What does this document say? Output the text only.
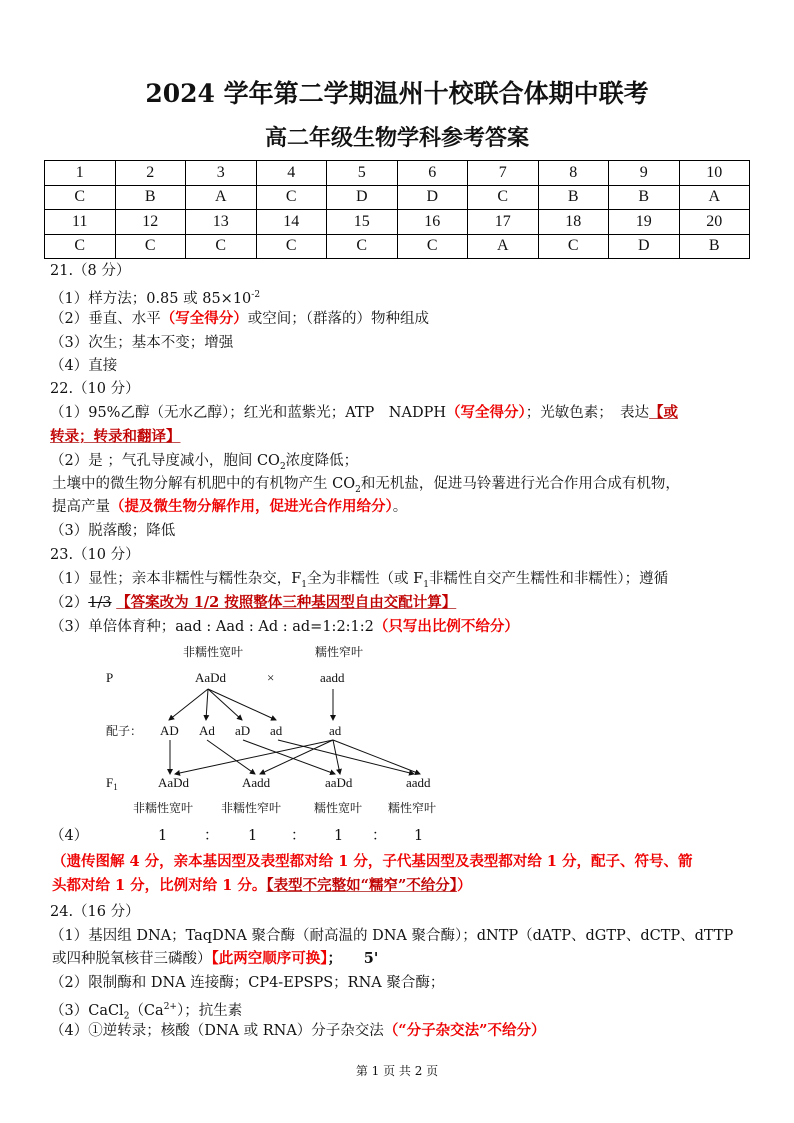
2024 学年第二学期温州十校联合体期中联考
高二年级生物学科参考答案
1	2	3	4	5	6	7	8	9	10
C	B	A	C	D	D	C	B	B	A
11	12	13	14	15	16	17	18	19	20
C	C	C	C	C	C	A	C	D	B
21.（8 分）
（1）样方法；0.85 或 $85\times 10^{-2}$
（2）垂直、水平（写全得分）或空间；（群落的）物种组成
（3）次生；基本不变；增强
（4）直接
22.（10 分）
（1）95%乙醇（无水乙醇）；红光和蓝紫光；ATP　NADPH（写全得分）；光敏色素；　表达【或
转录；转录和翻译】
（2）是 ；气孔导度减小，胞间 $CO_2$浓度降低；
土壤中的微生物分解有机肥中的有机物产生 $CO_2$和无机盐，促进马铃薯进行光合作用合成有机物，
提高产量（提及微生物分解作用，促进光合作用给分）。
（3）脱落酸；降低
23.（10 分）
（1）显性；亲本非糯性与糯性杂交，$F_1$全为非糯性（或 $F_1$非糯性自交产生糯性和非糯性）；遵循
（2）1/3 【答案改为 1/2 按照整体三种基因型自由交配计算】
（3）单倍体育种；aad : Aad : Ad : ad=1:2:1:2（只写出比例不给分）
非糯性宽叶	糯性窄叶
P	AaDd	×	aadd
配子： AD Ad aD ad	ad
$F_1$	AaDd	Aadd	aaDd	aadd
非糯性宽叶 非糯性窄叶	糯性宽叶 糯性窄叶
（4）	1	： 1 ： 1 ： 1
（遗传图解 4 分，亲本基因型及表型都对给 1 分，子代基因型及表型都对给 1 分，配子、符号、箭
头都对给 1 分，比例对给 1 分。【表型不完整如“糯窄”不给分】）
24.（16 分）
（1）基因组 DNA；TaqDNA 聚合酶（耐高温的 DNA 聚合酶）；dNTP（dATP、dGTP、dCTP、dTTP
或四种脱氧核苷三磷酸）【此两空顺序可换】；　　5'
（2）限制酶和 DNA 连接酶；CP4-EPSPS；RNA 聚合酶；
$(3)CaCl_2(Ca^{2+})$；抗生素
（4）①逆转录；核酸（DNA 或 RNA）分子杂交法（“分子杂交法”不给分）
第 1 页 共 2 页
